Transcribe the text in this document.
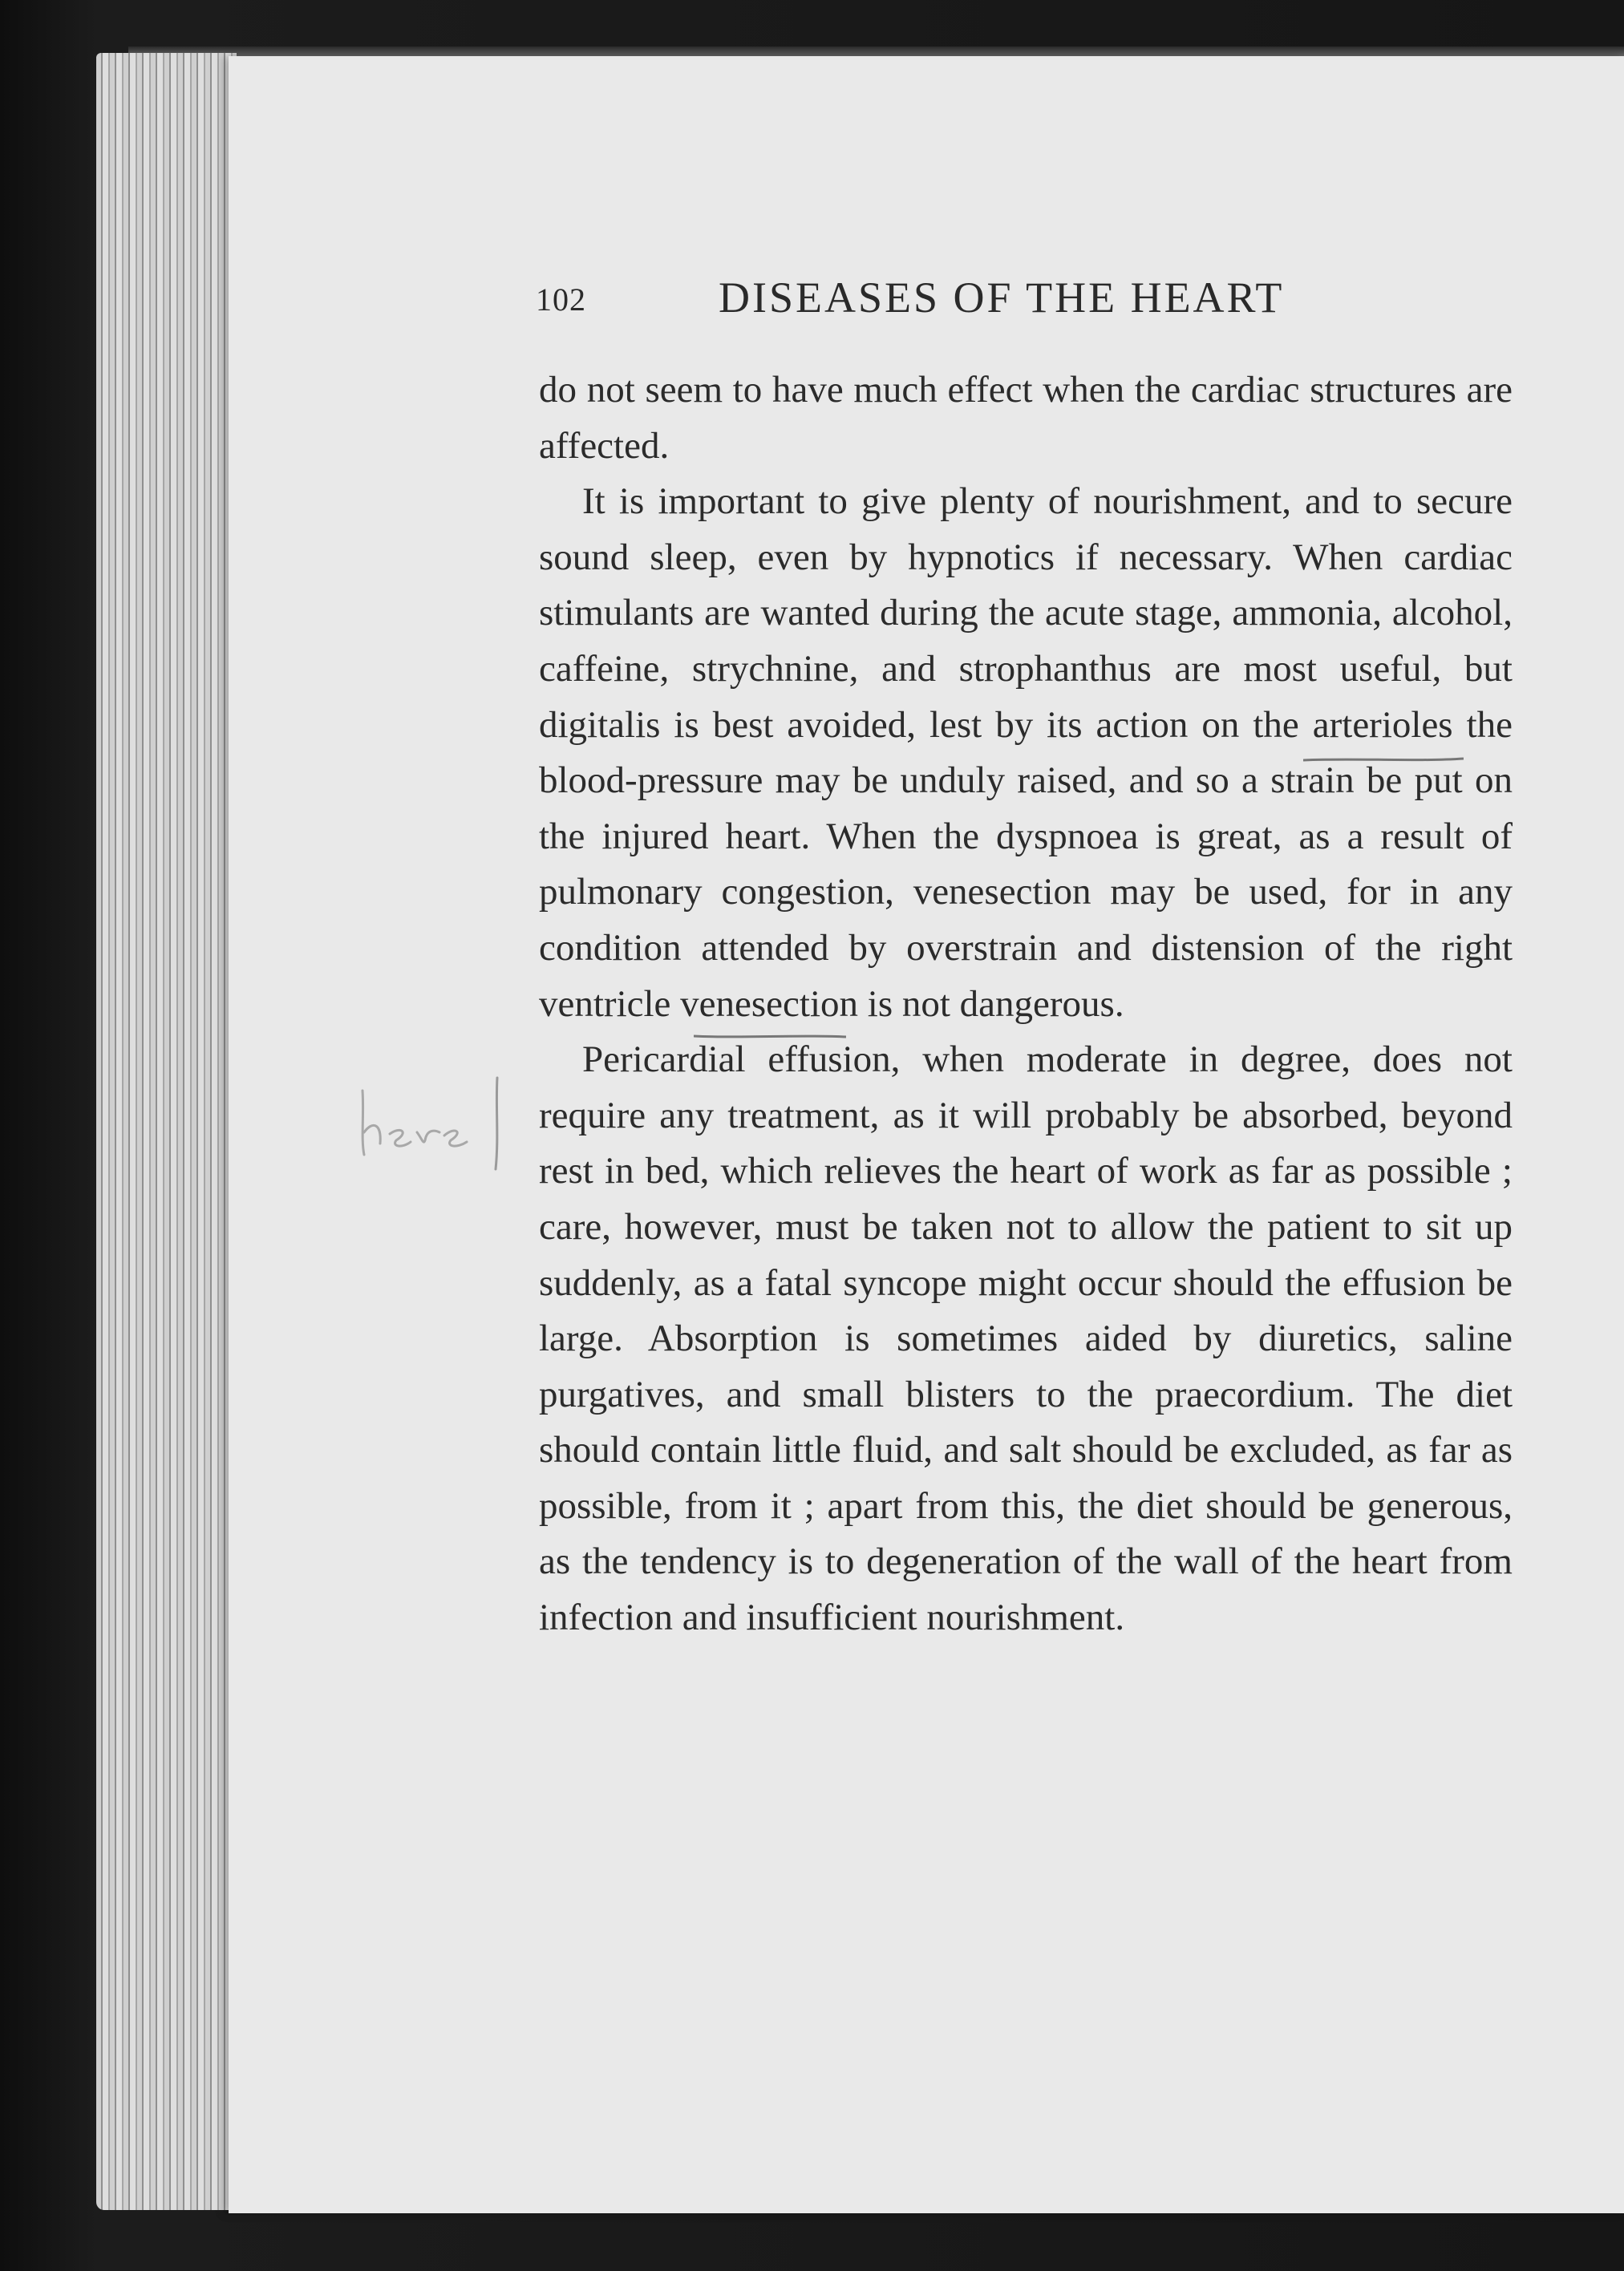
102	DISEASES OF THE HEART

do not seem to have much effect when the cardiac structures are affected.

It is important to give plenty of nourishment, and to secure sound sleep, even by hypnotics if necessary. When cardiac stimulants are wanted during the acute stage, ammonia, alcohol, caffeine, strychnine, and strophanthus are most useful, but digitalis is best avoided, lest by its action on the arterioles the blood-pressure may be unduly raised, and so a strain be put on the injured heart. When the dyspnoea is great, as a result of pulmonary congestion, venesection may be used, for in any condition attended by overstrain and distension of the right ventricle venesection is not dangerous.

Pericardial effusion, when moderate in degree, does not require any treatment, as it will probably be absorbed, beyond rest in bed, which relieves the heart of work as far as possible ; care, however, must be taken not to allow the patient to sit up suddenly, as a fatal syncope might occur should the effusion be large. Absorption is sometimes aided by diuretics, saline purgatives, and small blisters to the praecordium. The diet should contain little fluid, and salt should be excluded, as far as possible, from it ; apart from this, the diet should be generous, as the tendency is to degeneration of the wall of the heart from infection and insufficient nourishment.
